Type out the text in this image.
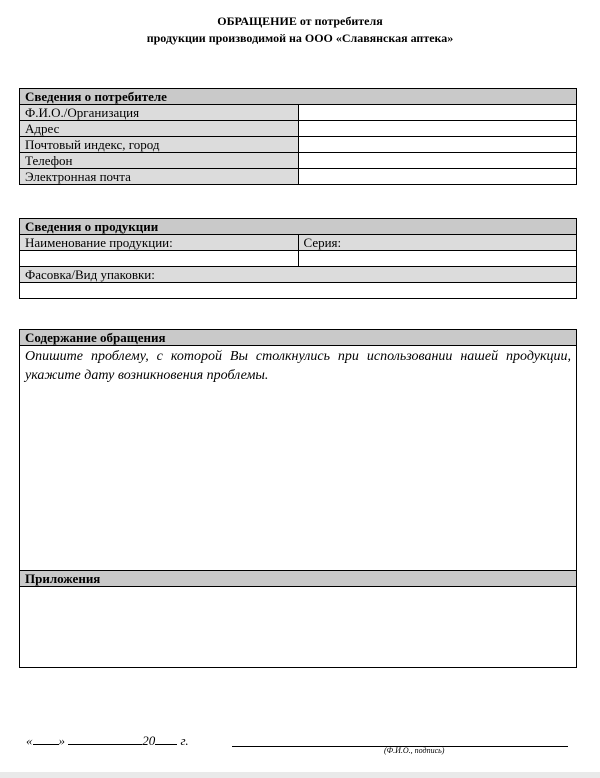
ОБРАЩЕНИЕ от потребителя
продукции производимой на ООО «Славянская аптека»
Сведения о потребителе	
Ф.И.О./Организация	
Адрес	
Почтовый индекс, город	
Телефон	
Электронная почта	
Сведения о продукции	
Наименование продукции:	Серия:

Фасовка/Вид упаковки:	

Содержание обращения
Опишите проблему, с которой Вы столкнулись при использовании нашей продукции, укажите дату возникновения проблемы.
Приложения

« »	20 г.
(Ф.И.О., подпись)
